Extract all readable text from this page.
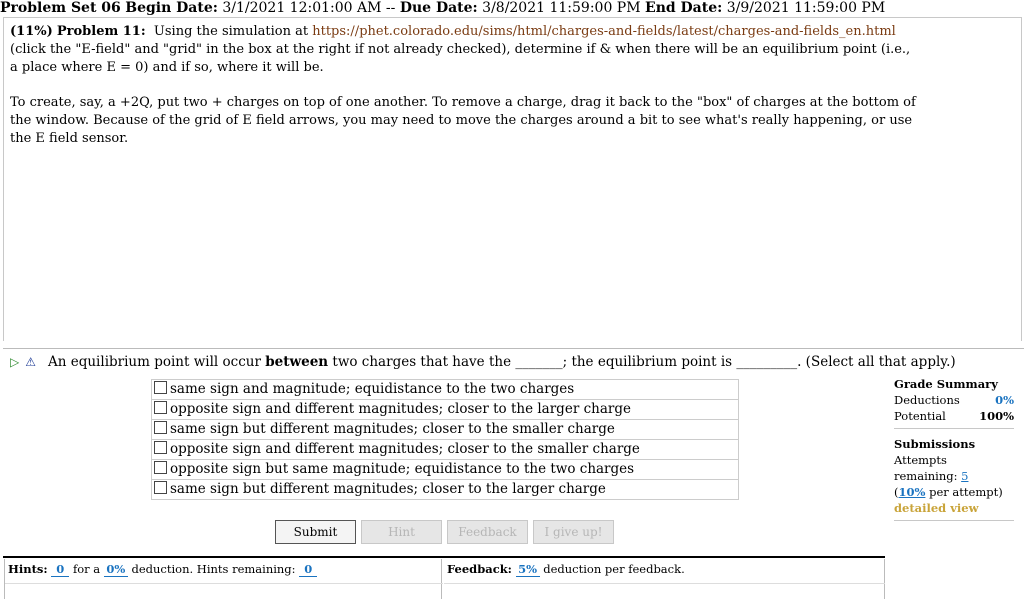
Problem Set 06 Begin Date: 3/1/2021 12:01:00 AM -- Due Date: 3/8/2021 11:59:00 PM End Date: 3/9/2021 11:59:00 PM

(11%) Problem 11: Using the simulation at https://phet.colorado.edu/sims/html/charges-and-fields/latest/charges-and-fields_en.html (click the "E-field" and "grid" in the box at the right if not already checked), determine if & when there will be an equilibrium point (i.e., a place where E = 0) and if so, where it will be.

To create, say, a +2Q, put two + charges on top of one another. To remove a charge, drag it back to the "box" of charges at the bottom of the window. Because of the grid of E field arrows, you may need to move the charges around a bit to see what's really happening, or use the E field sensor.

▷ ⚠ An equilibrium point will occur between two charges that have the _______; the equilibrium point is _________. (Select all that apply.)
same sign and magnitude; equidistance to the two charges
opposite sign and different magnitudes; closer to the larger charge
same sign but different magnitudes; closer to the smaller charge
opposite sign and different magnitudes; closer to the smaller charge
opposite sign but same magnitude; equidistance to the two charges
same sign but different magnitudes; closer to the larger charge
Submit	Hint	Feedback	I give up!
Grade Summary
Deductions	0%
Potential	100%
Submissions
Attempts remaining: 5
(10% per attempt)
detailed view
Hints: 0 for a 0% deduction. Hints remaining: 0	Feedback: 5% deduction per feedback.
